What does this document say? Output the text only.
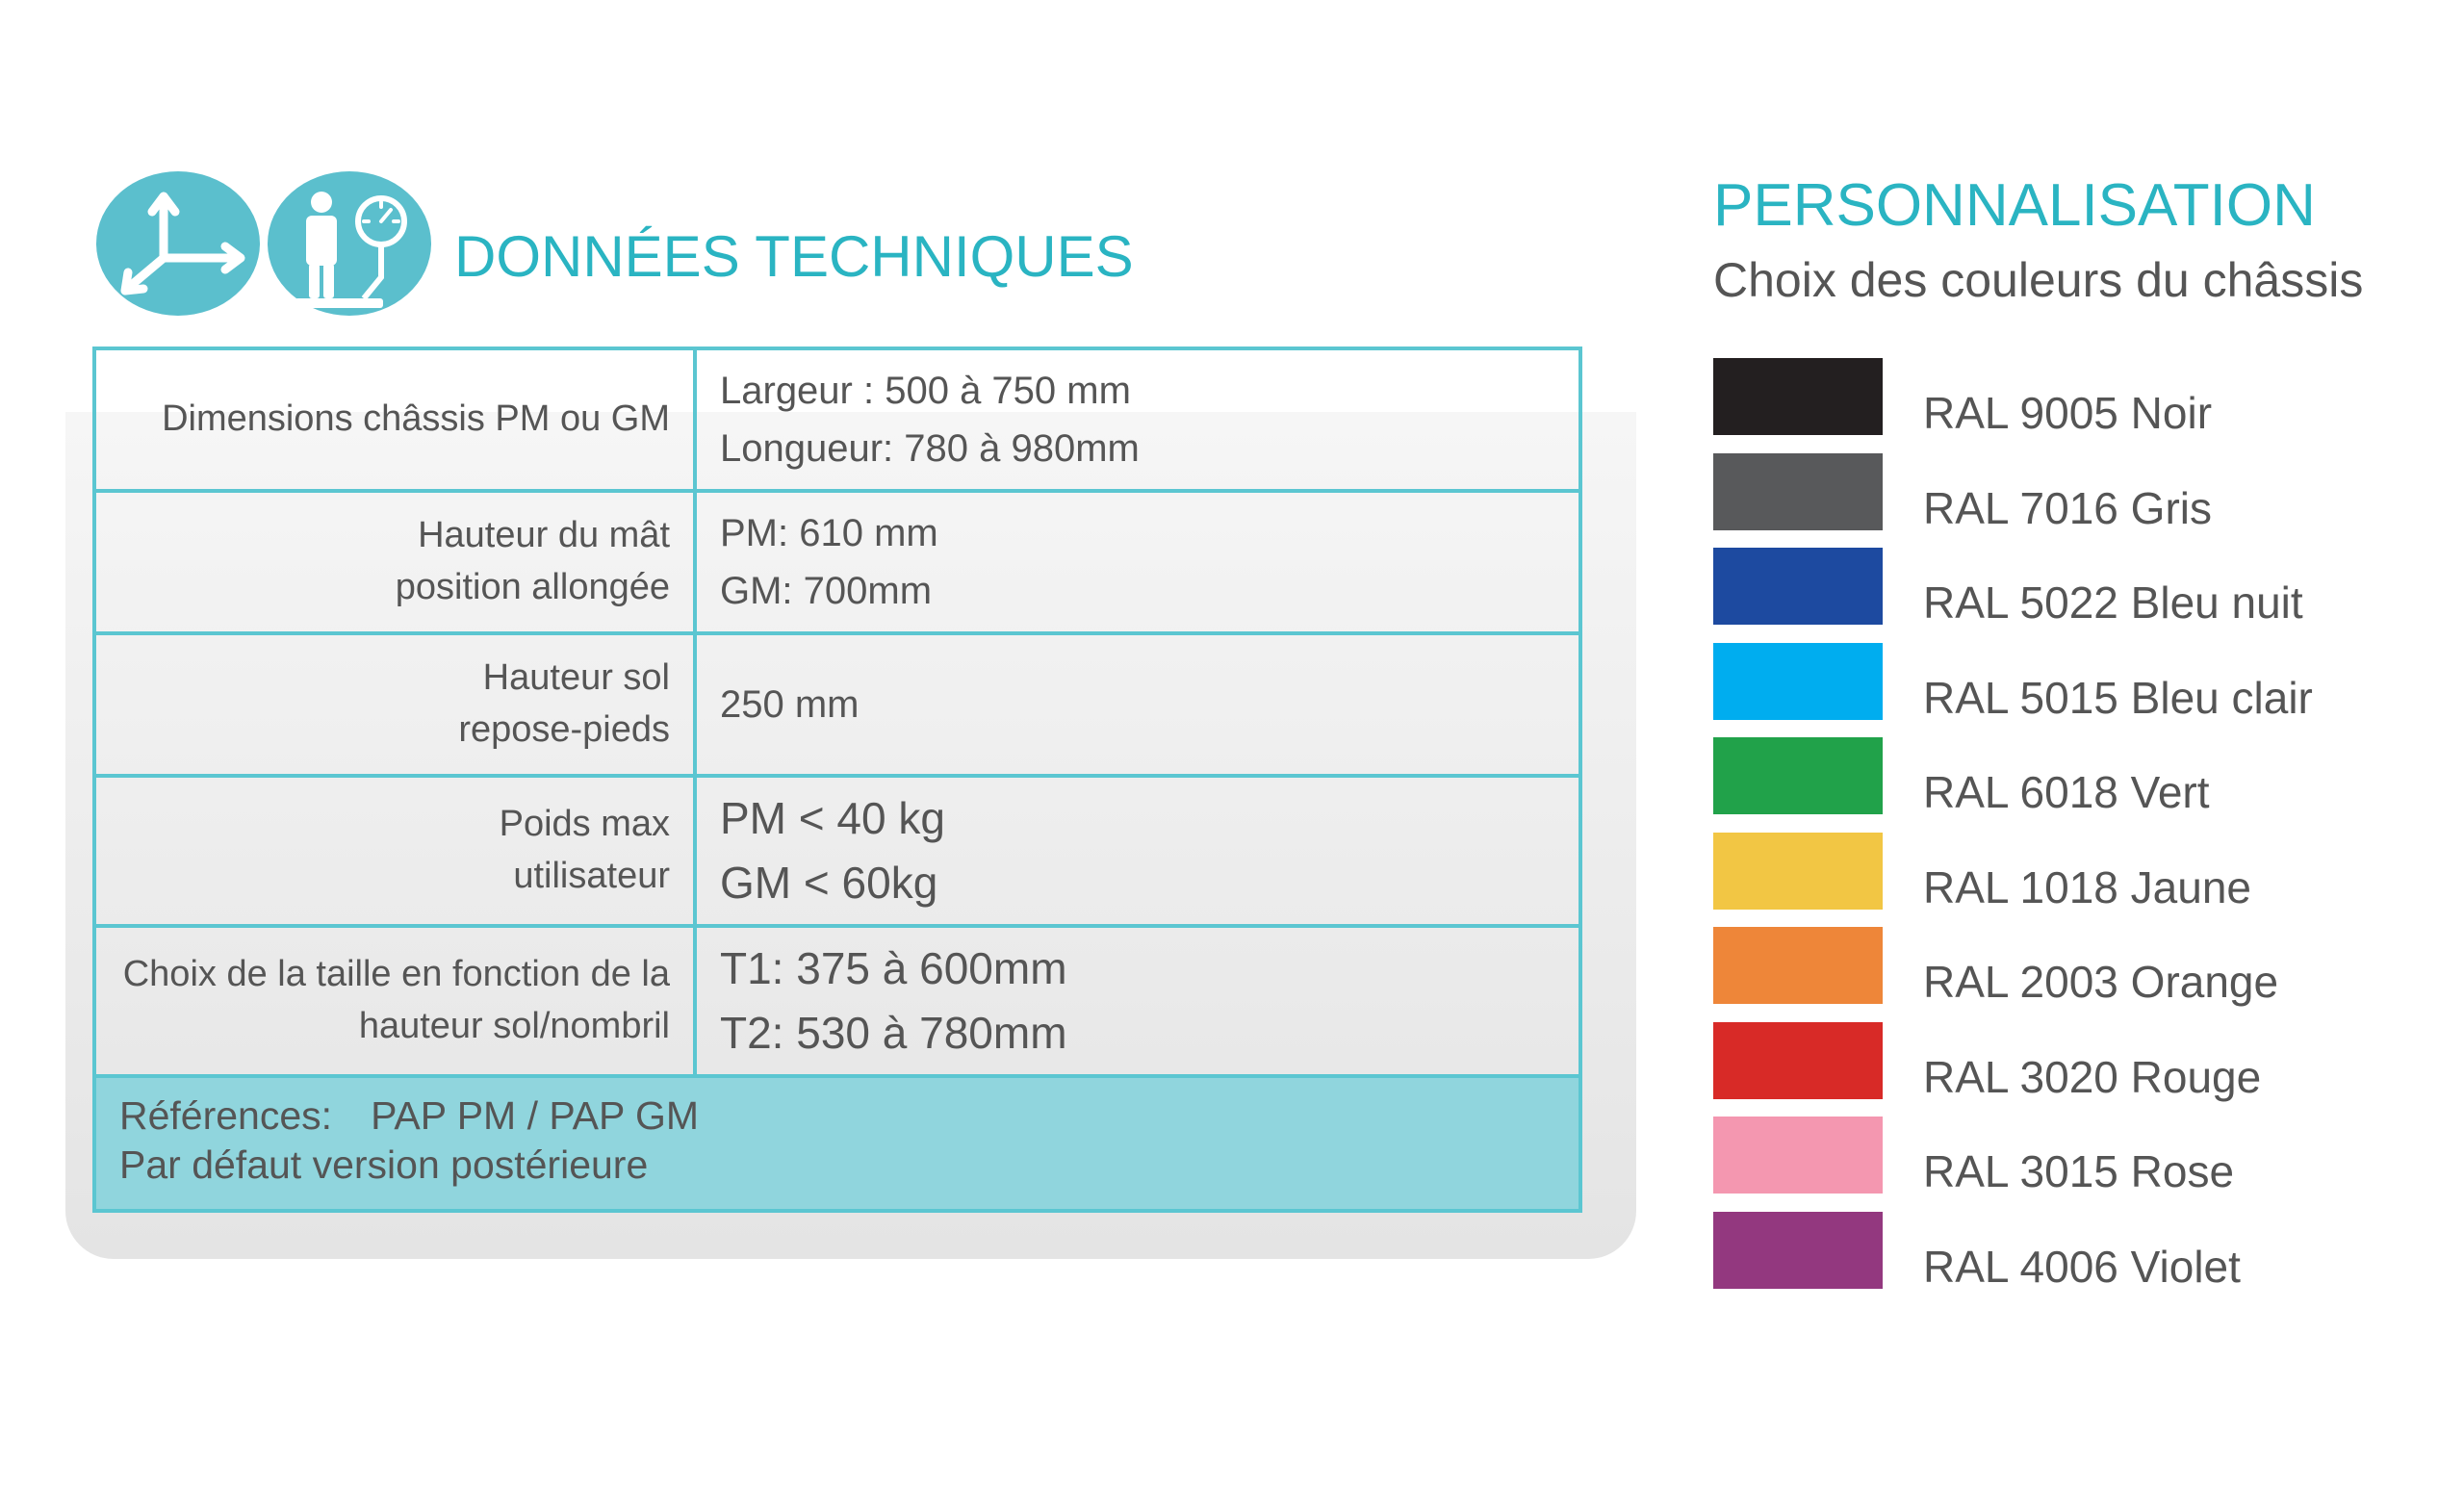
DONNÉES TECHNIQUES
Dimensions châssis PM ou GM
Largeur : 500 à 750 mm
Longueur: 780 à 980mm
Hauteur du mât
position allongée
PM: 610 mm
GM: 700mm
Hauteur sol
repose-pieds
250 mm
Poids max
utilisateur
PM < 40 kg
GM < 60kg
Choix de la taille en fonction de la
hauteur sol/nombril
T1: 375 à 600mm
T2: 530 à 780mm
Références: PAP PM / PAP GM
Par défaut version postérieure
PERSONNALISATION
Choix des couleurs du châssis
RAL 9005 Noir
RAL 7016 Gris
RAL 5022 Bleu nuit
RAL 5015 Bleu clair
RAL 6018 Vert
RAL 1018 Jaune
RAL 2003 Orange
RAL 3020 Rouge
RAL 3015 Rose
RAL 4006 Violet
